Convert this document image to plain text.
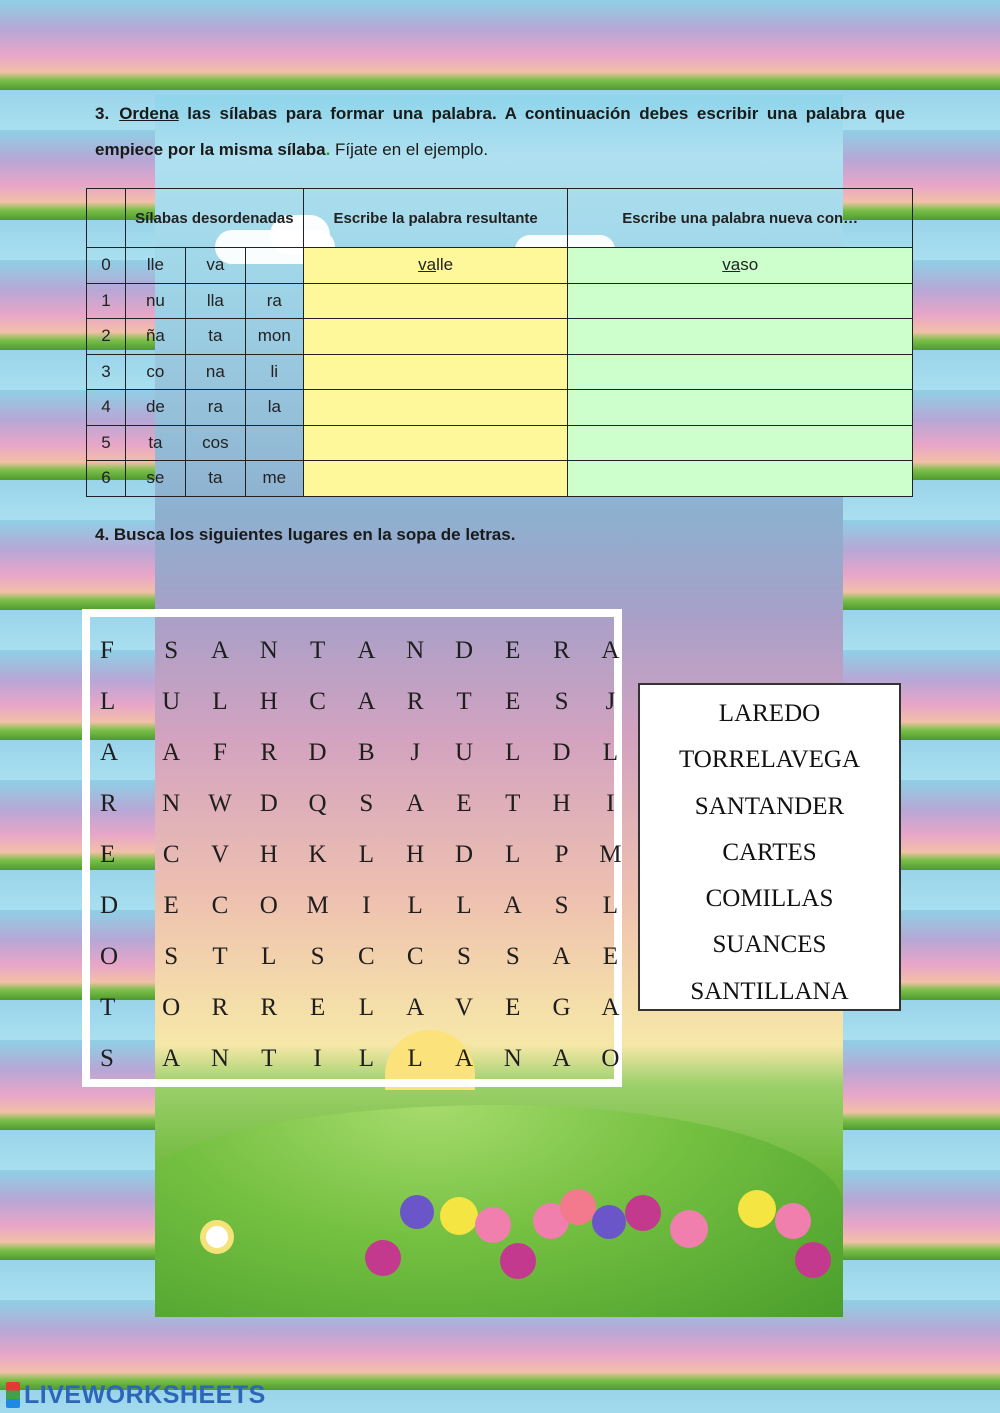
3. Ordena las sílabas para formar una palabra. A continuación debes escribir una palabra que empiece por la misma sílaba. Fíjate en el ejemplo.
	Sílabas desordenadas			Escribe la palabra resultante	Escribe una palabra nueva con…
0	lle	va		valle	vaso
1	nu	lla	ra		
2	ña	ta	mon		
3	co	na	li		
4	de	ra	la		
5	ta	cos			
6	se	ta	me		
4. Busca los siguientes lugares en la sopa de letras.
F	S	A	N	T	A	N	D	E	R	A
L	U	L	H	C	A	R	T	E	S	J
A	A	F	R	D	B	J	U	L	D	L
R	N	W	D	Q	S	A	E	T	H	I
E	C	V	H	K	L	H	D	L	P	M
D	E	C	O	M	I	L	L	A	S	L
O	S	T	L	S	C	C	S	S	A	E
T	O	R	R	E	L	A	V	E	G	A
S	A	N	T	I	L	L	A	N	A	O
LAREDO
TORRELAVEGA
SANTANDER
CARTES
COMILLAS
SUANCES
SANTILLANA
LIVEWORKSHEETS
